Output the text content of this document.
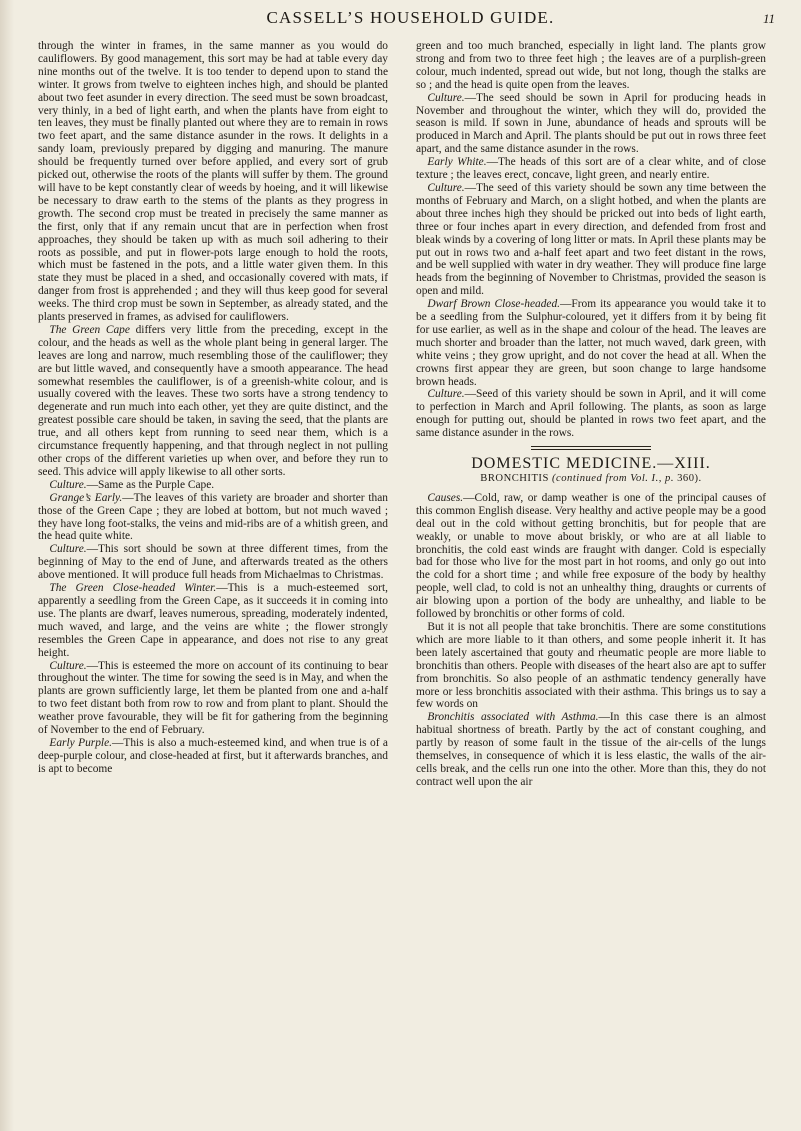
CASSELL’S HOUSEHOLD GUIDE.	11

through the winter in frames, in the same manner as you would do cauliflowers. By good management, this sort may be had at table every day nine months out of the twelve. It is too tender to depend upon to stand the winter. It grows from twelve to eighteen inches high, and should be planted about two feet asunder in every direction. The seed must be sown broadcast, very thinly, in a bed of light earth, and when the plants have from eight to ten leaves, they must be finally planted out where they are to remain in rows two feet apart, and the same distance asunder in the rows. It delights in a sandy loam, previously prepared by digging and manuring. The manure should be frequently turned over before applied, and every sort of grub picked out, otherwise the roots of the plants will suffer by them. The ground will have to be kept constantly clear of weeds by hoeing, and it will likewise be necessary to draw earth to the stems of the plants as they progress in growth. The second crop must be treated in precisely the same manner as the first, only that if any remain uncut that are in perfection when frost approaches, they should be taken up with as much soil adhering to their roots as possible, and put in flower-pots large enough to hold the roots, which must be fastened in the pots, and a little water given them. In this state they must be placed in a shed, and occasionally covered with mats, if danger from frost is apprehended ; and they will thus keep good for several weeks. The third crop must be sown in September, as already stated, and the plants preserved in frames, as advised for cauliflowers.

 The Green Cape differs very little from the preceding, except in the colour, and the heads as well as the whole plant being in general larger. The leaves are long and narrow, much resembling those of the cauliflower; they are but little waved, and consequently have a smooth appearance. The head somewhat resembles the cauliflower, is of a greenish-white colour, and is usually covered with the leaves. These two sorts have a strong tendency to degenerate and run much into each other, yet they are quite distinct, and the greatest possible care should be taken, in saving the seed, that the plants are true, and all others kept from running to seed near them, which is a circumstance frequently happening, and that through neglect in not pulling other crops of the different varieties up when over, and before they run to seed. This advice will apply likewise to all other sorts.

 Culture.—Same as the Purple Cape.

 Grange’s Early.—The leaves of this variety are broader and shorter than those of the Green Cape ; they are lobed at bottom, but not much waved ; they have long foot-stalks, the veins and mid-ribs are of a whitish green, and the head quite white.

 Culture.—This sort should be sown at three different times, from the beginning of May to the end of June, and afterwards treated as the others above mentioned. It will produce full heads from Michaelmas to Christmas.

 The Green Close-headed Winter.—This is a much-esteemed sort, apparently a seedling from the Green Cape, as it succeeds it in coming into use. The plants are dwarf, leaves numerous, spreading, moderately indented, much waved, and large, and the veins are white ; the flower strongly resembles the Green Cape in appearance, and does not rise to any great height.

 Culture.—This is esteemed the more on account of its continuing to bear throughout the winter. The time for sowing the seed is in May, and when the plants are grown sufficiently large, let them be planted from one and a-half to two feet distant both from row to row and from plant to plant. Should the weather prove favourable, they will be fit for gathering from the beginning of November to the end of February.

 Early Purple.—This is also a much-esteemed kind, and when true is of a deep-purple colour, and close-headed at first, but it afterwards branches, and is apt to become

green and too much branched, especially in light land. The plants grow strong and from two to three feet high ; the leaves are of a purplish-green colour, much indented, spread out wide, but not long, though the stalks are so ; and the head is quite open from the leaves.

 Culture.—The seed should be sown in April for producing heads in November and throughout the winter, which they will do, provided the season is mild. If sown in June, abundance of heads and sprouts will be produced in March and April. The plants should be put out in rows three feet apart, and the same distance asunder in the rows.

 Early White.—The heads of this sort are of a clear white, and of close texture ; the leaves erect, concave, light green, and nearly entire.

 Culture.—The seed of this variety should be sown any time between the months of February and March, on a slight hotbed, and when the plants are about three inches high they should be pricked out into beds of light earth, three or four inches apart in every direction, and defended from frost and bleak winds by a covering of long litter or mats. In April these plants may be put out in rows two and a-half feet apart and two feet distant in the rows, and be well supplied with water in dry weather. They will produce fine large heads from the beginning of November to Christmas, provided the season is open and mild.

 Dwarf Brown Close-headed.—From its appearance you would take it to be a seedling from the Sulphur-coloured, yet it differs from it by being fit for use earlier, as well as in the shape and colour of the head. The leaves are much shorter and broader than the latter, not much waved, dark green, with white veins ; they grow upright, and do not cover the head at all. When the crowns first appear they are green, but soon change to large handsome brown heads.

 Culture.—Seed of this variety should be sown in April, and it will come to perfection in March and April following. The plants, as soon as large enough for putting out, should be planted in rows two feet apart, and the same distance asunder in the rows.

DOMESTIC MEDICINE.—XIII.
BRONCHITIS (continued from Vol. I., p. 360).

 Causes.—Cold, raw, or damp weather is one of the principal causes of this common English disease. Very healthy and active people may be a good deal out in the cold without getting bronchitis, but for people that are weakly, or unable to move about briskly, or who are at all liable to bronchitis, the cold east winds are fraught with danger. Cold is especially bad for those who live for the most part in hot rooms, and only go out into the cold for a short time ; and while free exposure of the body by healthy people, well clad, to cold is not an unhealthy thing, draughts or currents of air blowing upon a portion of the body are unhealthy, and liable to be followed by bronchitis or other forms of cold.

 But it is not all people that take bronchitis. There are some constitutions which are more liable to it than others, and some people inherit it. It has been lately ascertained that gouty and rheumatic people are more liable to bronchitis than others. People with diseases of the heart also are apt to suffer from bronchitis. So also people of an asthmatic tendency generally have more or less bronchitis associated with their asthma. This brings us to say a few words on

 Bronchitis associated with Asthma.—In this case there is an almost habitual shortness of breath. Partly by the act of constant coughing, and partly by reason of some fault in the tissue of the air-cells of the lungs themselves, in consequence of which it is less elastic, the walls of the air-cells break, and the cells run one into the other. More than this, they do not contract well upon the air
